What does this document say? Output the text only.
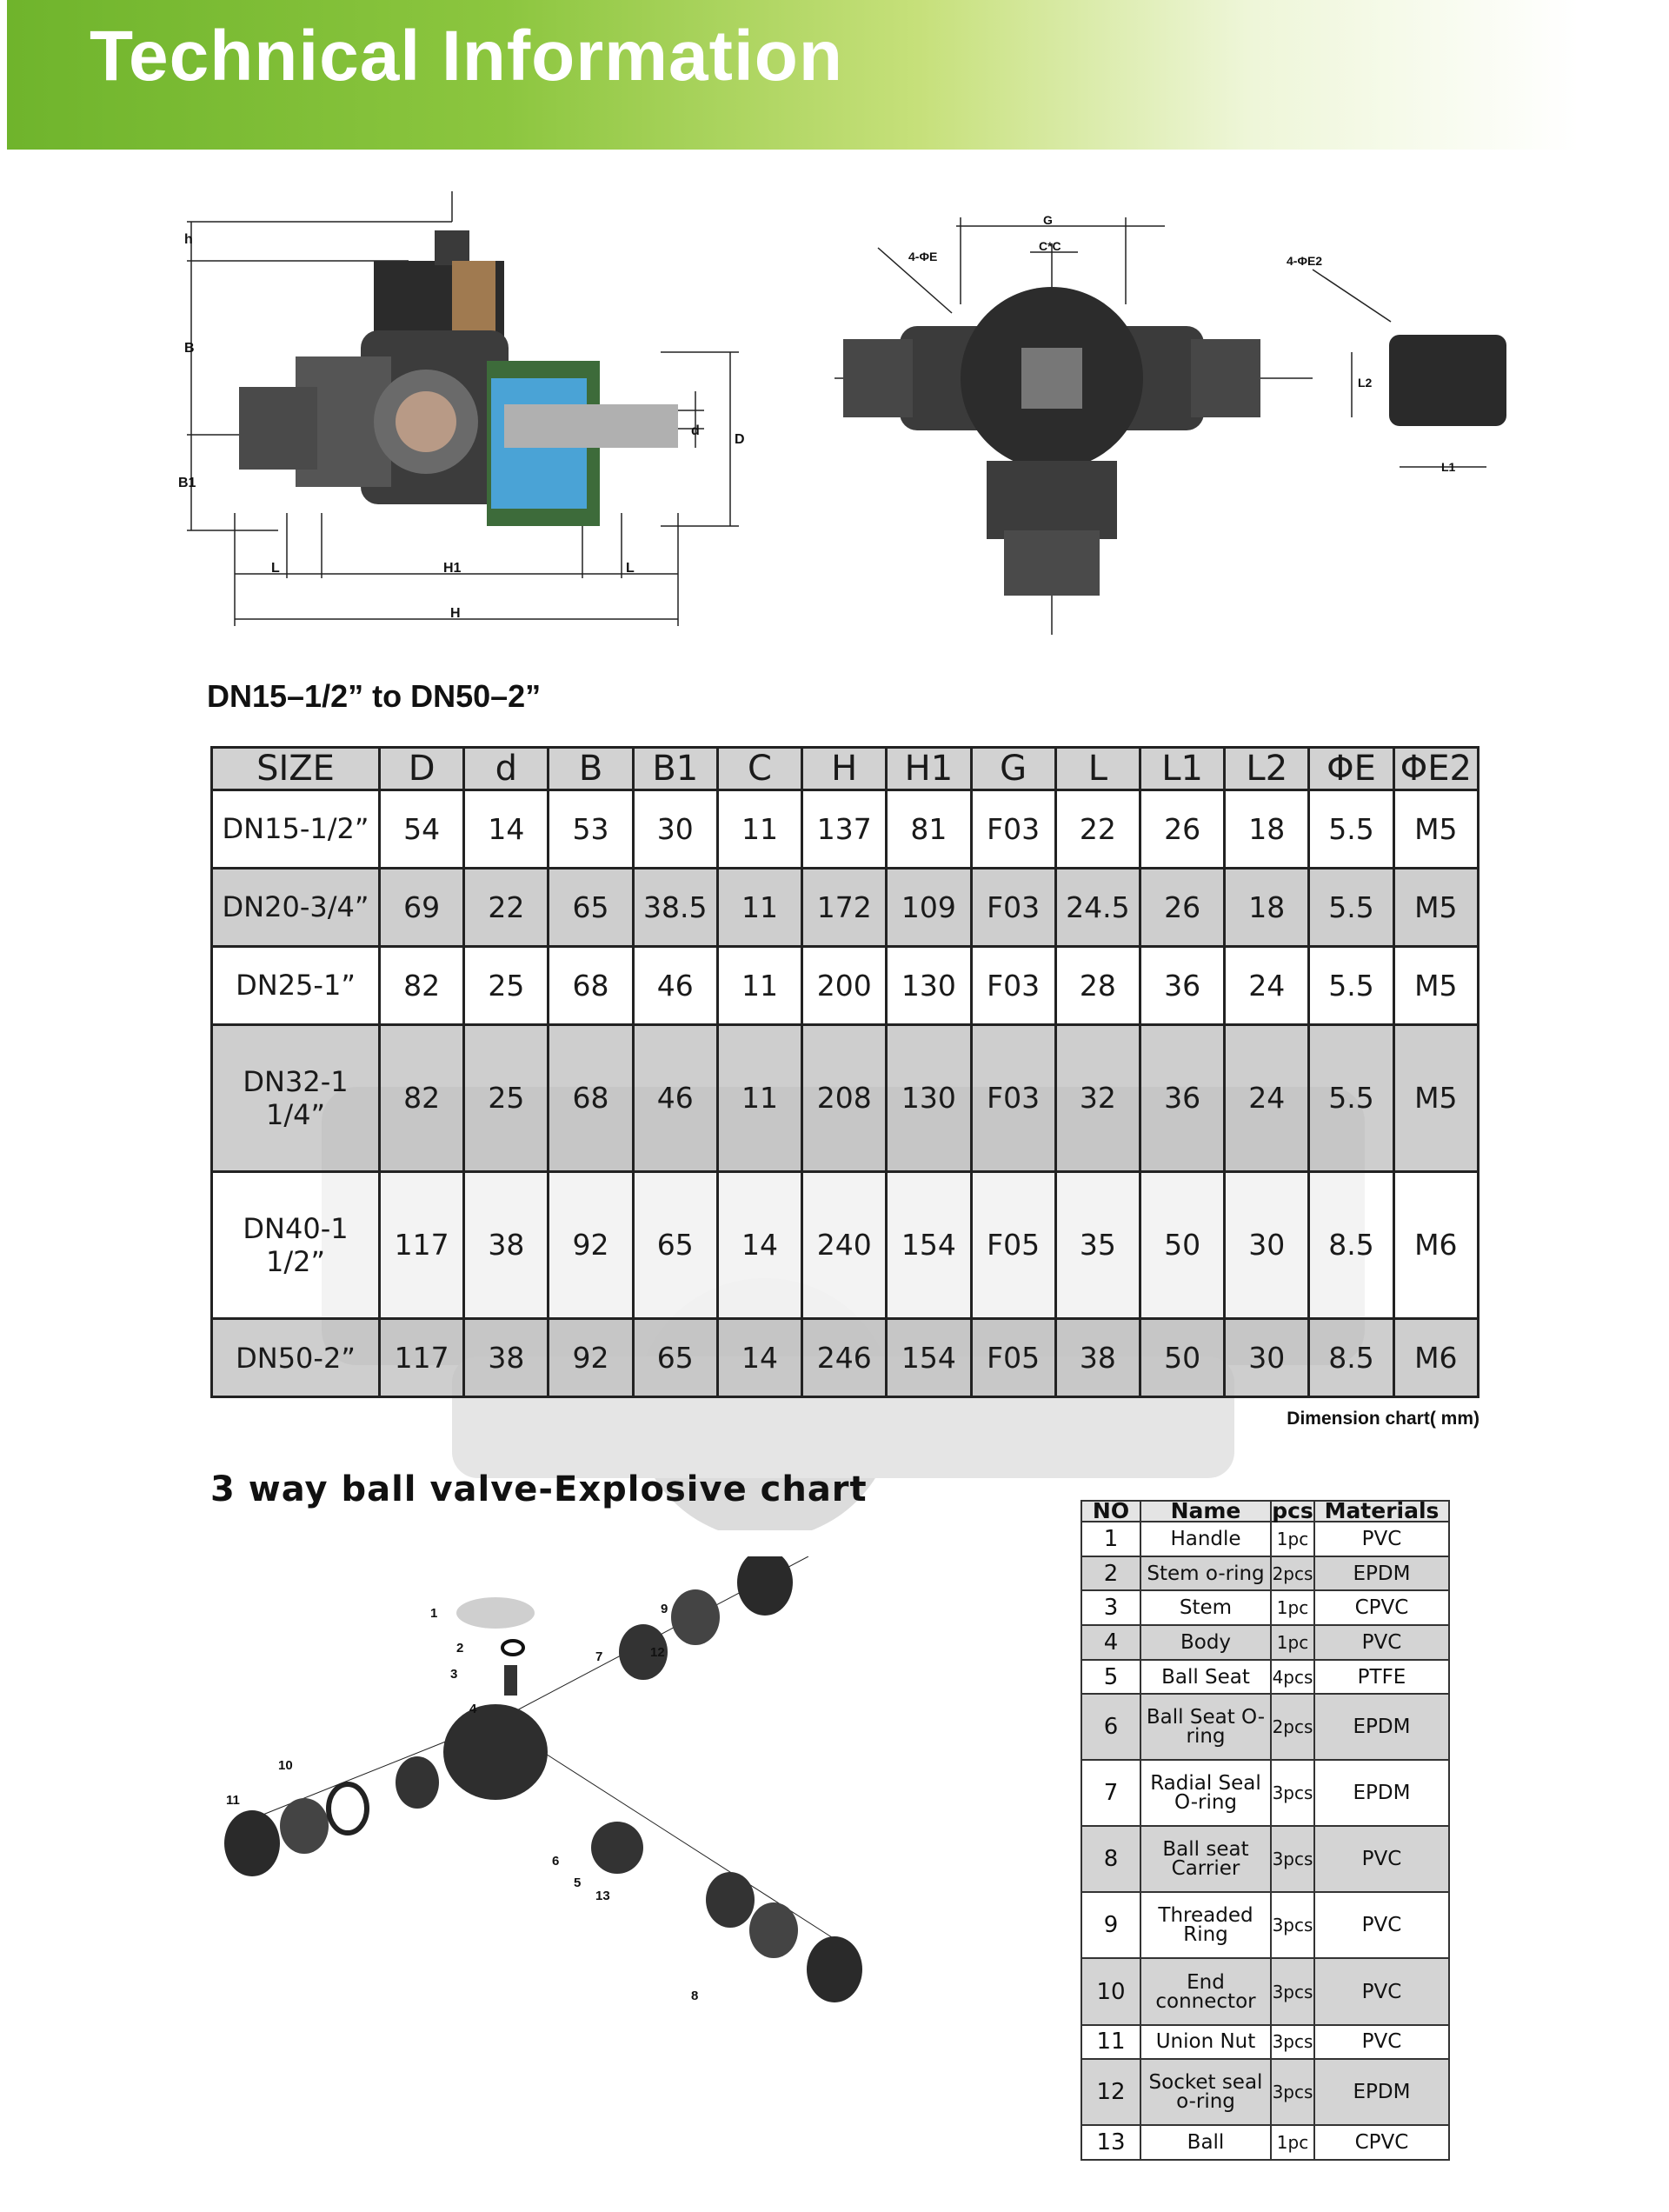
Technical Information
h
B
B1
d
D
L	H1	L
H
G
C*C
4-ΦE	4-ΦE2
L2
L1
DN15–1/2” to DN50–2”
SIZE	D	d	B	B1	C	H	H1	G	L	L1	L2	ΦE	ΦE2
DN15-1/2”	54	14	53	30	11	137	81	F03	22	26	18	5.5	M5
DN20-3/4”	69	22	65	38.5	11	172	109	F03	24.5	26	18	5.5	M5
DN25-1”	82	25	68	46	11	200	130	F03	28	36	24	5.5	M5
DN32-1 1/4”	82	25	68	46	11	208	130	F03	32	36	24	5.5	M5
DN40-1 1/2”	117	38	92	65	14	240	154	F05	35	50	30	8.5	M6
DN50-2”	117	38	92	65	14	246	154	F05	38	50	30	8.5	M6
Dimension chart( mm)
3 way ball valve-Explosive chart
1
2
3
4
5
6
7
8
9
10
11
12
13
NO	Name	pcs	Materials
1	Handle	1pc	PVC
2	Stem o-ring	2pcs	EPDM
3	Stem	1pc	CPVC
4	Body	1pc	PVC
5	Ball Seat	4pcs	PTFE
6	Ball Seat O-ring	2pcs	EPDM
7	Radial Seal O-ring	3pcs	EPDM
8	Ball seat Carrier	3pcs	PVC
9	Threaded Ring	3pcs	PVC
10	End connector	3pcs	PVC
11	Union Nut	3pcs	PVC
12	Socket seal o-ring	3pcs	EPDM
13	Ball	1pc	CPVC
